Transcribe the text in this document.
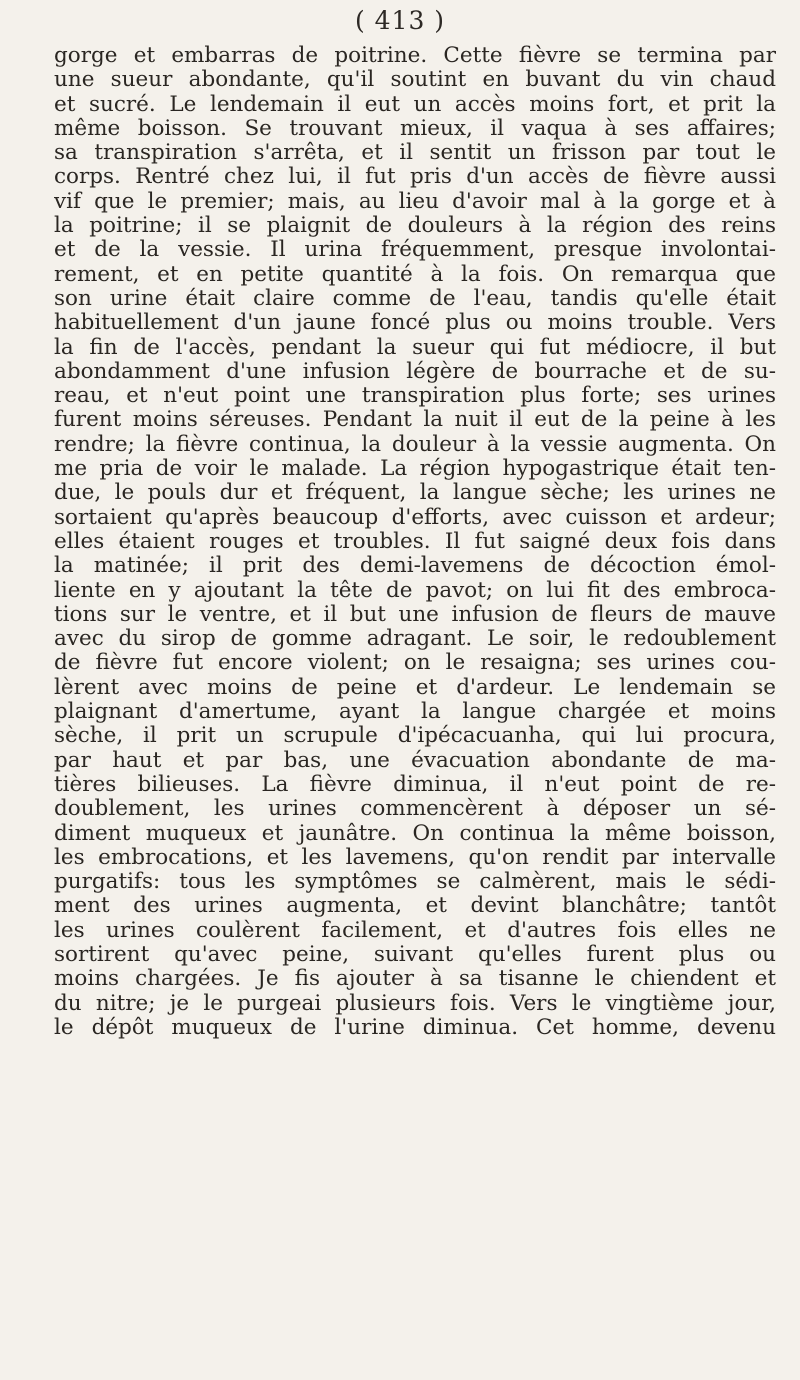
( 413 )
gorge et embarras de poitrine. Cette fièvre se termina par
une sueur abondante, qu'il soutint en buvant du vin chaud
et sucré. Le lendemain il eut un accès moins fort, et prit la
même boisson. Se trouvant mieux, il vaqua à ses affaires;
sa transpiration s'arrêta, et il sentit un frisson par tout le
corps. Rentré chez lui, il fut pris d'un accès de fièvre aussi
vif que le premier; mais, au lieu d'avoir mal à la gorge et à
la poitrine; il se plaignit de douleurs à la région des reins
et de la vessie. Il urina fréquemment, presque involontai-
rement, et en petite quantité à la fois. On remarqua que
son urine était claire comme de l'eau, tandis qu'elle était
habituellement d'un jaune foncé plus ou moins trouble. Vers
la fin de l'accès, pendant la sueur qui fut médiocre, il but
abondamment d'une infusion légère de bourrache et de su-
reau, et n'eut point une transpiration plus forte; ses urines
furent moins séreuses. Pendant la nuit il eut de la peine à les
rendre; la fièvre continua, la douleur à la vessie augmenta. On
me pria de voir le malade. La région hypogastrique était ten-
due, le pouls dur et fréquent, la langue sèche; les urines ne
sortaient qu'après beaucoup d'efforts, avec cuisson et ardeur;
elles étaient rouges et troubles. Il fut saigné deux fois dans
la matinée; il prit des demi-lavemens de décoction émol-
liente en y ajoutant la tête de pavot; on lui fit des embroca-
tions sur le ventre, et il but une infusion de fleurs de mauve
avec du sirop de gomme adragant. Le soir, le redoublement
de fièvre fut encore violent; on le resaigna; ses urines cou-
lèrent avec moins de peine et d'ardeur. Le lendemain se
plaignant d'amertume, ayant la langue chargée et moins
sèche, il prit un scrupule d'ipécacuanha, qui lui procura,
par haut et par bas, une évacuation abondante de ma-
tières bilieuses. La fièvre diminua, il n'eut point de re-
doublement, les urines commencèrent à déposer un sé-
diment muqueux et jaunâtre. On continua la même boisson,
les embrocations, et les lavemens, qu'on rendit par intervalle
purgatifs: tous les symptômes se calmèrent, mais le sédi-
ment des urines augmenta, et devint blanchâtre; tantôt
les urines coulèrent facilement, et d'autres fois elles ne
sortirent qu'avec peine, suivant qu'elles furent plus ou
moins chargées. Je fis ajouter à sa tisanne le chiendent et
du nitre; je le purgeai plusieurs fois. Vers le vingtième jour,
le dépôt muqueux de l'urine diminua. Cet homme, devenu
